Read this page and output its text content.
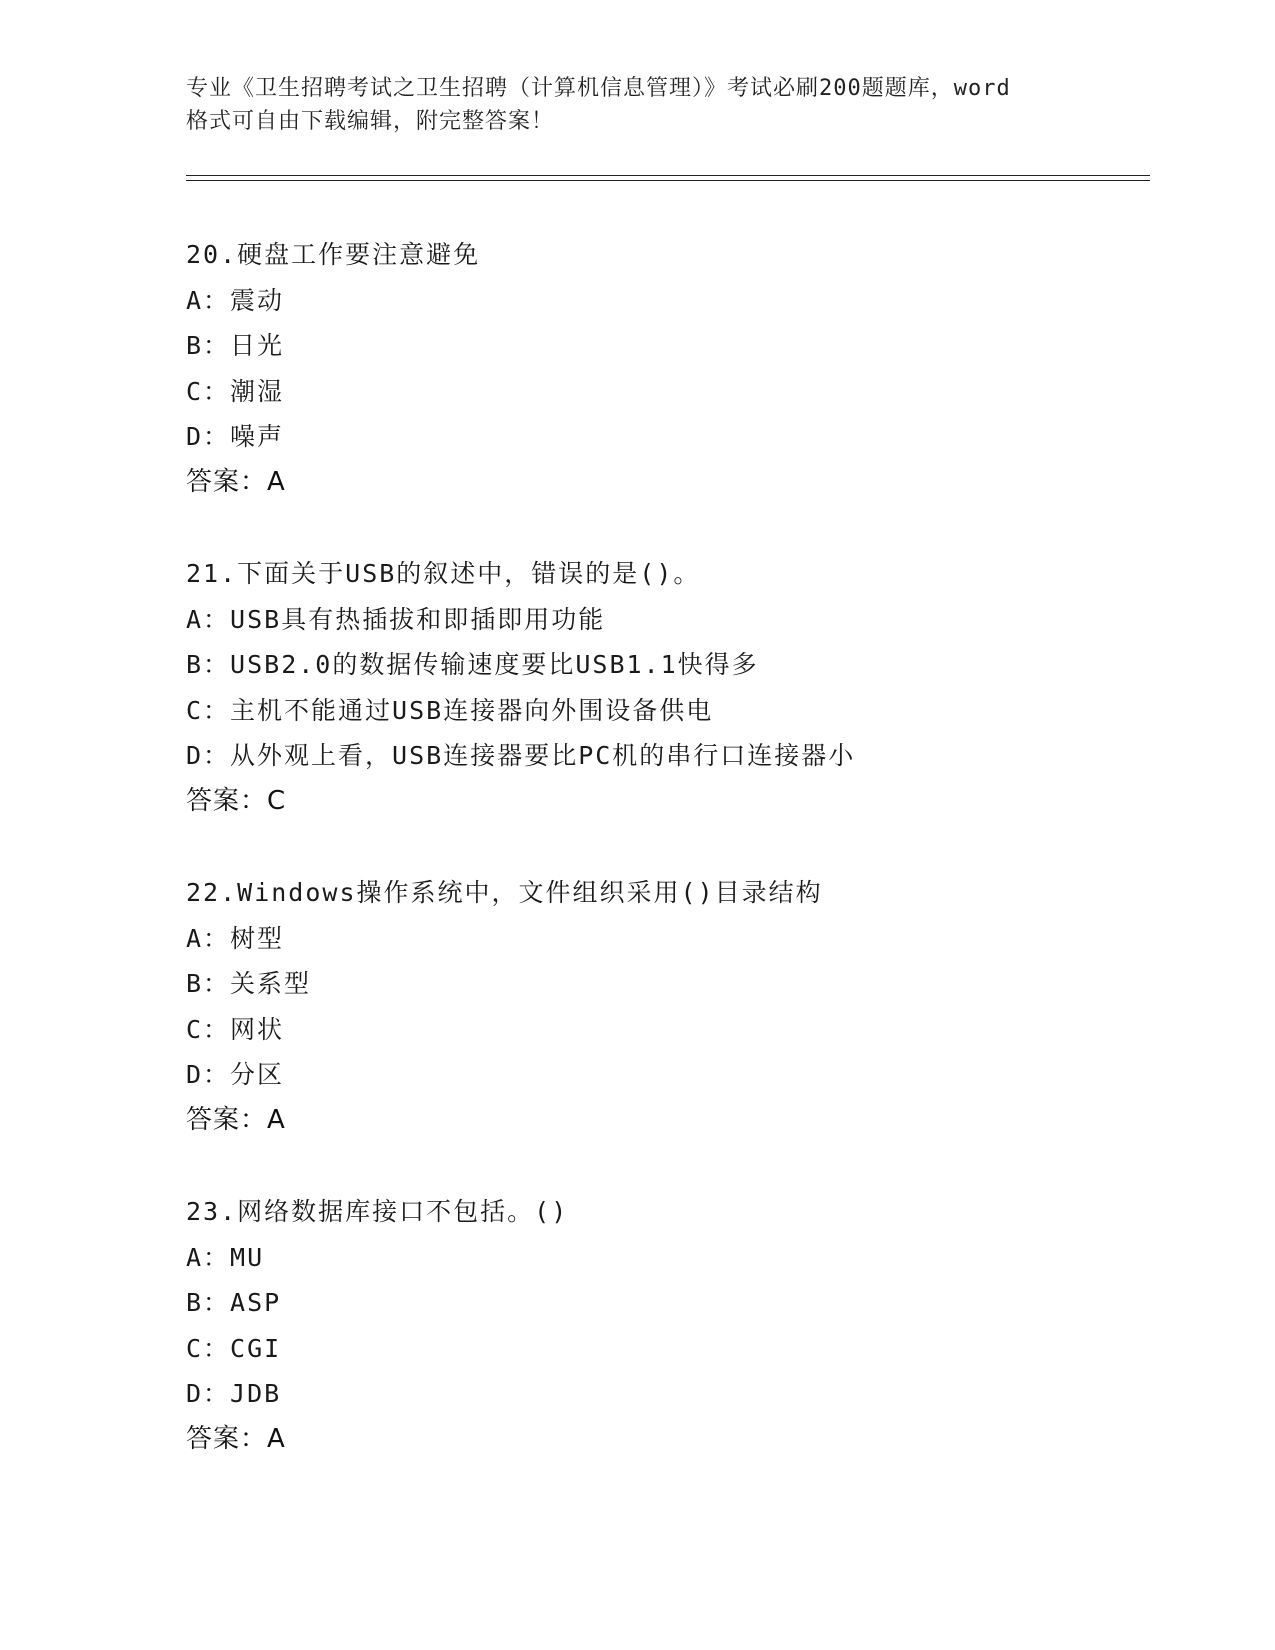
专业《卫生招聘考试之卫生招聘（计算机信息管理）》考试必刷200题题库，word
格式可自由下载编辑，附完整答案！
20.硬盘工作要注意避免
A：震动
B：日光
C：潮湿
D：噪声
答案：A
21.下面关于USB的叙述中，错误的是()。
A：USB具有热插拔和即插即用功能
B：USB2.0的数据传输速度要比USB1.1快得多
C：主机不能通过USB连接器向外围设备供电
D：从外观上看，USB连接器要比PC机的串行口连接器小
答案：C
22.Windows操作系统中，文件组织采用()目录结构
A：树型
B：关系型
C：网状
D：分区
答案：A
23.网络数据库接口不包括。()
A：MU
B：ASP
C：CGI
D：JDB
答案：A
